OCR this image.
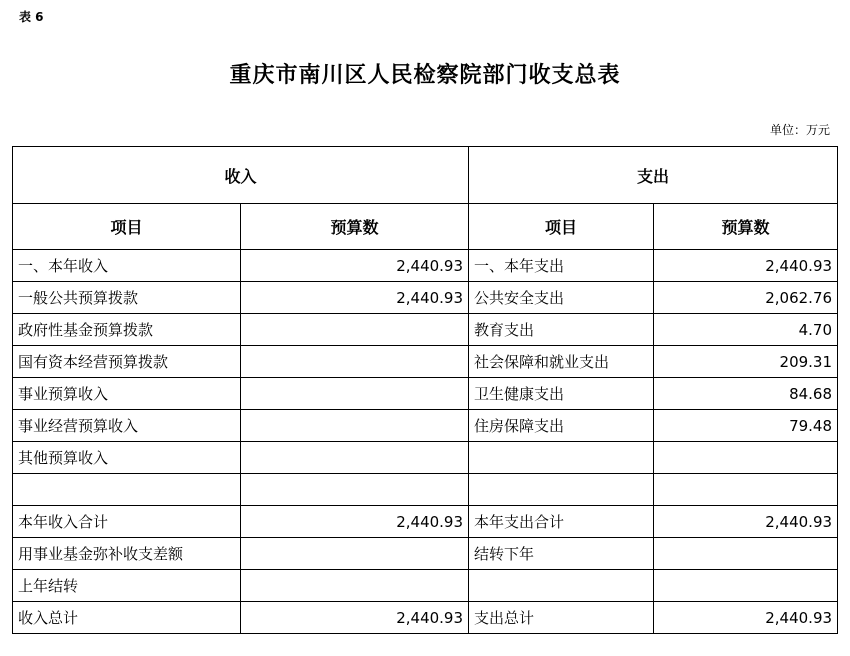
表 6
重庆市南川区人民检察院部门收支总表
单位：万元
收入		支出	
项目	预算数	项目	预算数
一、本年收入	2,440.93	一、本年支出	2,440.93
一般公共预算拨款	2,440.93	公共安全支出	2,062.76
政府性基金预算拨款		教育支出	4.70
国有资本经营预算拨款		社会保障和就业支出	209.31
事业预算收入		卫生健康支出	84.68
事业经营预算收入		住房保障支出	79.48
其他预算收入			

本年收入合计	2,440.93	本年支出合计	2,440.93
用事业基金弥补收支差额		结转下年	
上年结转			
收入总计	2,440.93	支出总计	2,440.93
